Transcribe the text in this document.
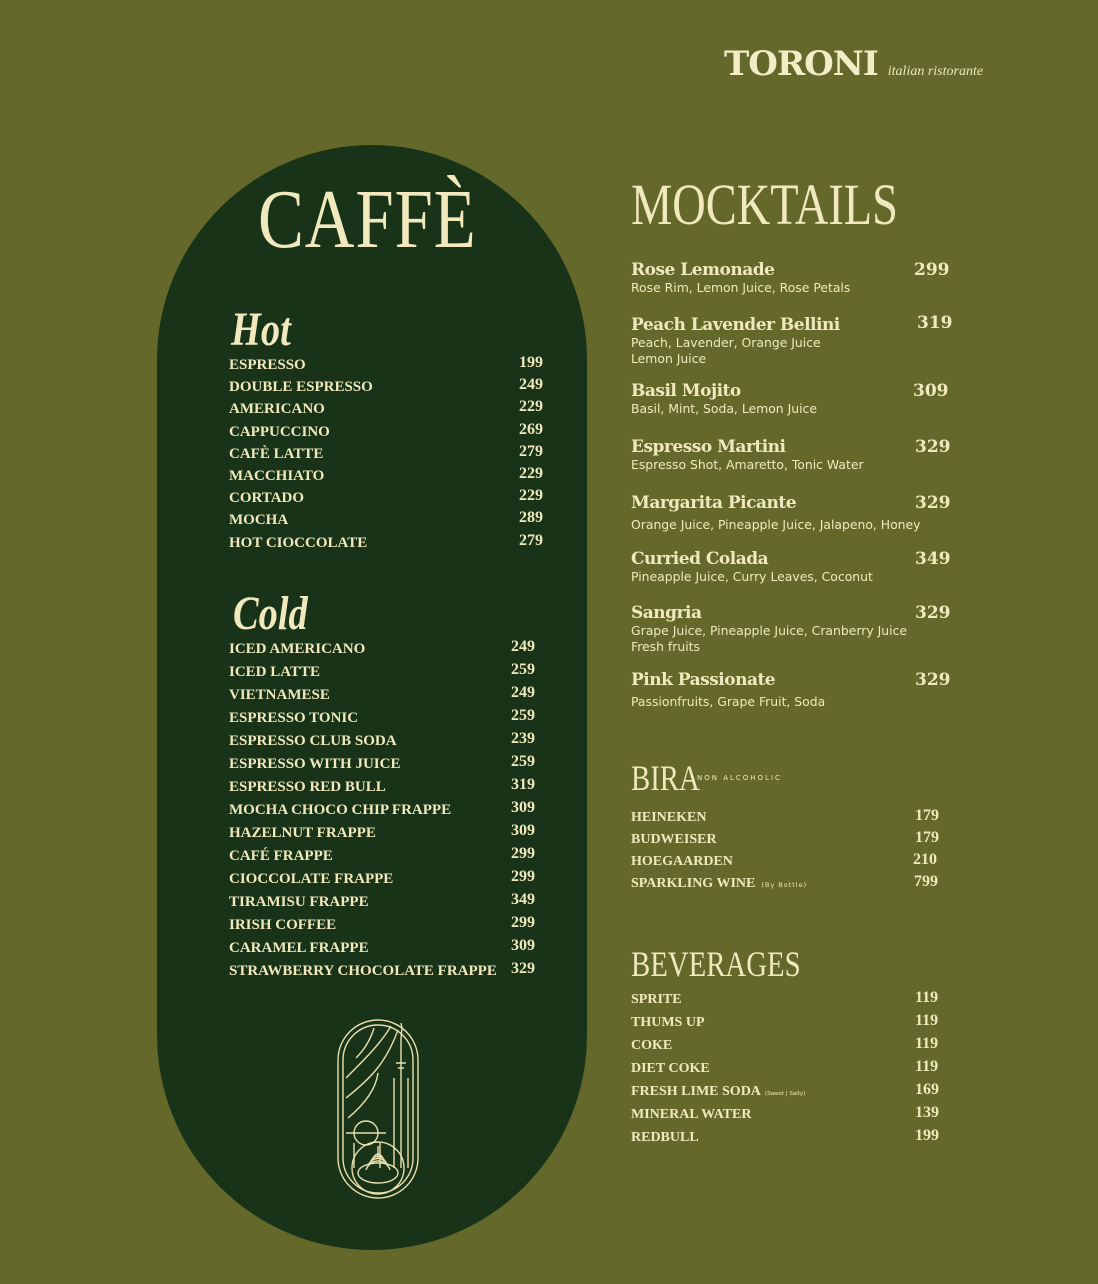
TORONI italian ristorante
CAFFÈ
Hot
ESPRESSO	199
DOUBLE ESPRESSO	249
AMERICANO	229
CAPPUCCINO	269
CAFÈ LATTE	279
MACCHIATO	229
CORTADO	229
MOCHA	289
HOT CIOCCOLATE	279
Cold
ICED AMERICANO	249
ICED LATTE	259
VIETNAMESE	249
ESPRESSO TONIC	259
ESPRESSO CLUB SODA	239
ESPRESSO WITH JUICE	259
ESPRESSO RED BULL	319
MOCHA CHOCO CHIP FRAPPE	309
HAZELNUT FRAPPE	309
CAFÉ FRAPPE	299
CIOCCOLATE FRAPPE	299
TIRAMISU FRAPPE	349
IRISH COFFEE	299
CARAMEL FRAPPE	309
STRAWBERRY CHOCOLATE FRAPPE 329
MOCKTAILS
Rose Lemonade	299
Rose Rim, Lemon Juice, Rose Petals
Peach Lavender Bellini	319
Peach, Lavender, Orange Juice
Lemon Juice
Basil Mojito	309
Basil, Mint, Soda, Lemon Juice
Espresso Martini	329
Espresso Shot, Amaretto, Tonic Water
Margarita Picante	329
Orange Juice, Pineapple Juice, Jalapeno, Honey
Curried Colada	349
Pineapple Juice, Curry Leaves, Coconut
Sangria	329
Grape Juice, Pineapple Juice, Cranberry Juice
Fresh fruits
Pink Passionate	329
Passionfruits, Grape Fruit, Soda
BIRA
NON ALCOHOLIC
HEINEKEN	179
BUDWEISER	179
HOEGAARDEN	210
SPARKLING WINE (By Bottle)	799
BEVERAGES
SPRITE	119
THUMS UP	119
COKE	119
DIET COKE	119
FRESH LIME SODA (Sweet | Salty)	169
MINERAL WATER	139
REDBULL	199
